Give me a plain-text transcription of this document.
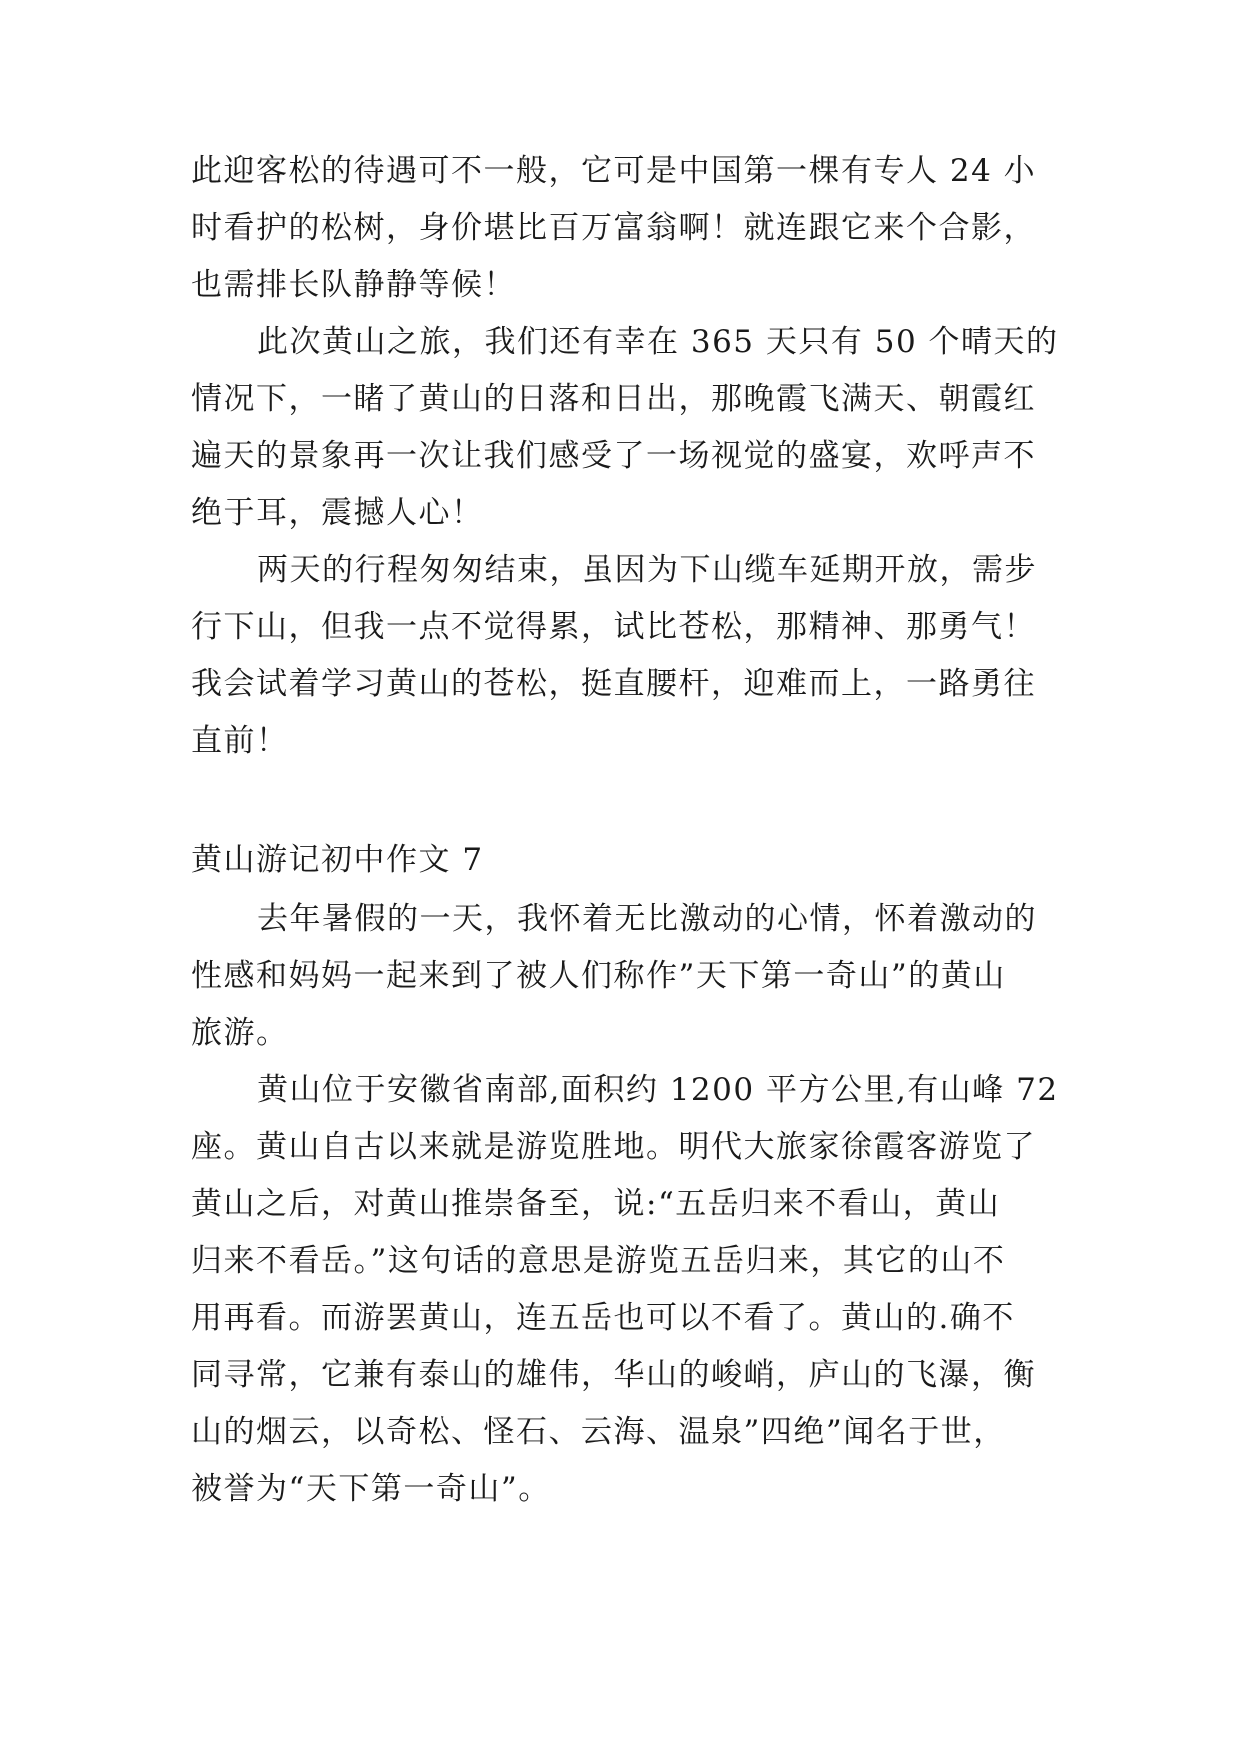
此迎客松的待遇可不一般，它可是中国第一棵有专人 24 小
时看护的松树，身价堪比百万富翁啊！就连跟它来个合影，
也需排长队静静等候！
此次黄山之旅，我们还有幸在 365 天只有 50 个晴天的
情况下，一睹了黄山的日落和日出，那晚霞飞满天、朝霞红
遍天的景象再一次让我们感受了一场视觉的盛宴，欢呼声不
绝于耳，震撼人心！
两天的行程匆匆结束，虽因为下山缆车延期开放，需步
行下山，但我一点不觉得累，试比苍松，那精神、那勇气！
我会试着学习黄山的苍松，挺直腰杆，迎难而上，一路勇往
直前！
黄山游记初中作文 7
去年暑假的一天，我怀着无比激动的心情，怀着激动的
性感和妈妈一起来到了被人们称作”天下第一奇山”的黄山
旅游。
黄山位于安徽省南部,面积约 1200 平方公里,有山峰 72
座。黄山自古以来就是游览胜地。明代大旅家徐霞客游览了
黄山之后，对黄山推崇备至，说:“五岳归来不看山，黄山
归来不看岳。”这句话的意思是游览五岳归来，其它的山不
用再看。而游罢黄山，连五岳也可以不看了。黄山的.确不
同寻常，它兼有泰山的雄伟，华山的峻峭，庐山的飞瀑，衡
山的烟云，以奇松、怪石、云海、温泉”四绝”闻名于世，
被誉为“天下第一奇山”。
